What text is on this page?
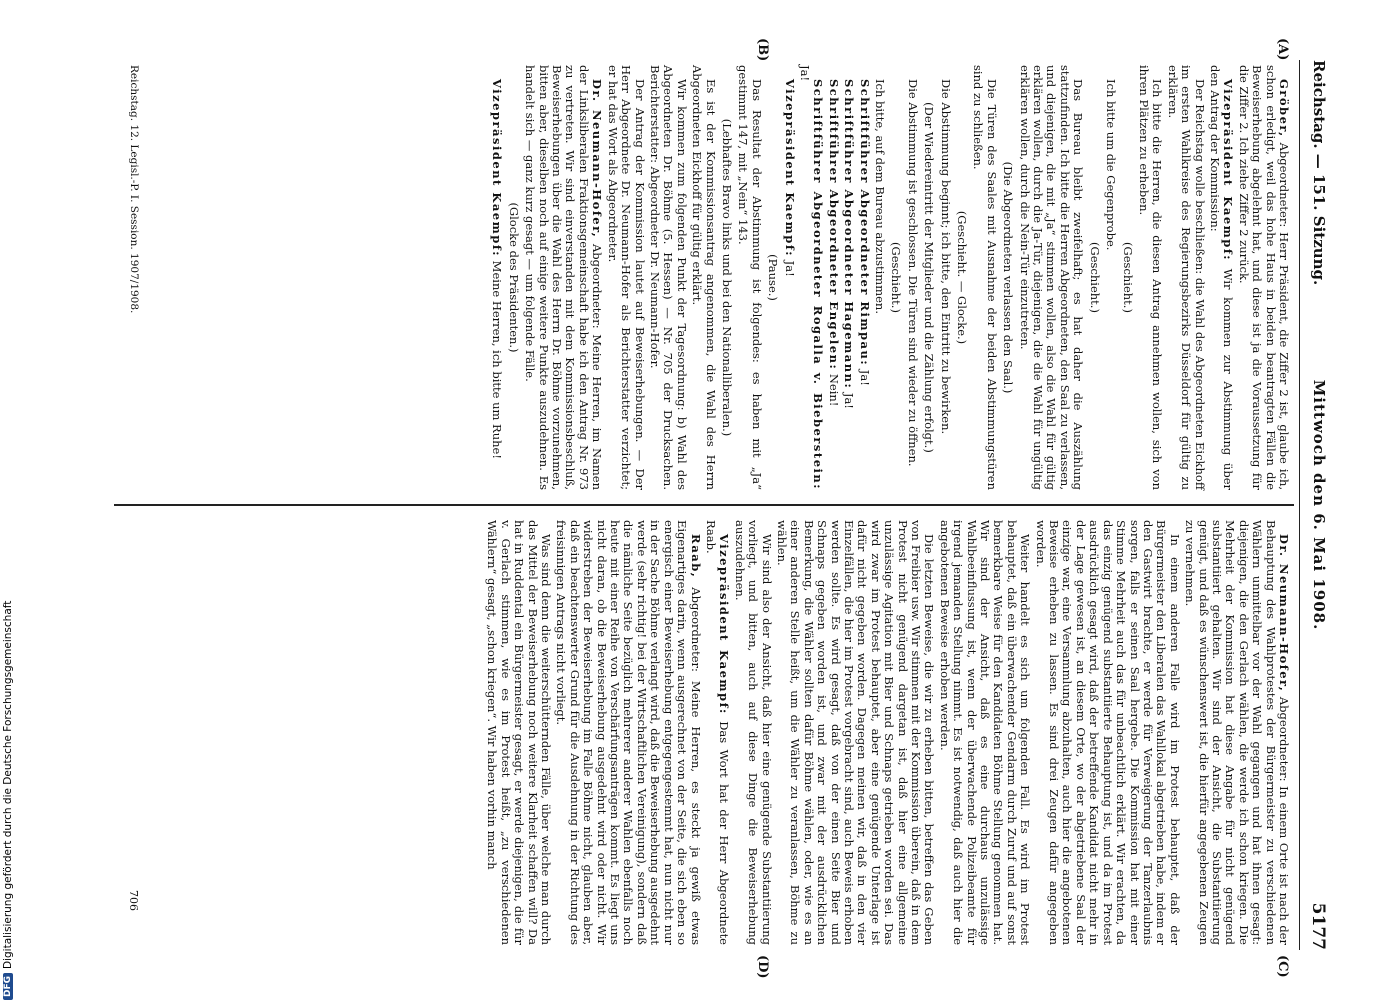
Reichstag. — 151. Sitzung.
Mittwoch den 6. Mai 1908.
5177
(A)
(B)
(C)
(D)

Gröber, Abgeordneter: Herr Präsident, die Ziffer 2 ist, glaube ich, schon erledigt, weil das hohe Haus in beiden beantragten Fällen die Beweiserhebung abgelehnt hat, und diese ist ja die Voraussetzung für die Ziffer 2. Ich ziehe Ziffer 2 zurück.

Vizepräsident Kaempf: Wir kommen zur Abstimmung über den Antrag der Kommission:

Der Reichstag wolle beschließen: die Wahl des Abgeordneten Eickhoff im ersten Wahlkreise des Regierungsbezirks Düsseldorf für gültig zu erklären.

Ich bitte die Herren, die diesen Antrag annehmen wollen, sich von ihren Plätzen zu erheben.

(Geschieht.)

Ich bitte um die Gegenprobe.

(Geschieht.)

Das Bureau bleibt zweifelhaft; es hat daher die Auszählung stattzufinden. Ich bitte die Herren Abgeordneten, den Saal zu verlassen, und diejenigen, die mit „Ja“ stimmen wollen, also die Wahl für gültig erklären wollen, durch die Ja-Tür, diejenigen, die die Wahl für ungültig erklären wollen, durch die Nein-Tür einzutreten.

(Die Abgeordneten verlassen den Saal.)

Die Türen des Saales mit Ausnahme der beiden Abstimmungstüren sind zu schließen.

(Geschieht. — Glocke.)

Die Abstimmung beginnt; ich bitte, den Eintritt zu bewirken.

(Der Wiedereintritt der Mitglieder und die Zählung erfolgt.)

Die Abstimmung ist geschlossen. Die Türen sind wieder zu öffnen.

(Geschieht.)

Ich bitte, auf dem Bureau abzustimmen.

Schriftführer Abgeordneter Rimpau: Ja!

Schriftführer Abgeordneter Hagemann: Ja!

Schriftführer Abgeordneter Engelen: Nein!

Schriftführer Abgeordneter Rogalla v. Bieberstein: Ja!

Vizepräsident Kaempf: Ja!

(Pause.)

Das Resultat der Abstimmung ist folgendes: es haben mit „Ja“ gestimmt 147, mit „Nein“ 143.

(Lebhaftes Bravo links und bei den Nationalliberalen.)

Es ist der Kommissionsantrag angenommen, die Wahl des Herrn Abgeordneten Eickhoff für gültig erklärt.

Wir kommen zum folgenden Punkt der Tagesordnung: b) Wahl des Abgeordneten Dr. Böhme (5. Hessen) — Nr. 705 der Drucksachen. Berichterstatter: Abgeordneter Dr. Neumann-Hofer.

Der Antrag der Kommission lautet auf Beweiserhebungen. — Der Herr Abgeordnete Dr. Neumann-Hofer als Berichterstatter verzichtet; er hat das Wort als Abgeordneter.

Dr. Neumann-Hofer, Abgeordneter: Meine Herren, im Namen der Linksliberalen Fraktionsgemeinschaft habe ich den Antrag Nr. 973 zu vertreten. Wir sind einverstanden mit dem Kommissionsbeschluß, Beweiserhebungen über die Wahl des Herrn Dr. Böhme vorzunehmen, bitten aber, dieselben noch auf einige weitere Punkte auszudehnen. Es handelt sich — ganz kurz gesagt — um folgende Fälle.

(Glocke des Präsidenten.)

Vizepräsident Kaempf: Meine Herren, ich bitte um Ruhe!

Dr. Neumann-Hofer, Abgeordneter: In einem Orte ist nach der Behauptung des Wahlprotestes der Bürgermeister zu verschiedenen Wählern unmittelbar vor der Wahl gegangen und hat ihnen gesagt: diejenigen, die den Gerlach wählen, die werde ich schon kriegen. Die Mehrheit der Kommission hat diese Angabe für nicht genügend substantiiert gehalten. Wir sind der Ansicht, die Substantiierung genügt, und daß es wünschenswert ist, die hierfür angegebenen Zeugen zu vernehmen.

In einem anderen Falle wird im Protest behauptet, daß der Bürgermeister den Liberalen das Wahllokal abgetrieben habe, indem er den Gastwirt brachte, er werde für Verweigerung der Tanzerlaubnis sorgen, falls er seinen Saal hergebe. Die Kommission hat mit einer Stimme Mehrheit auch das für unbeachtlich erklärt. Wir erachten, da das einzig genügend substantiierte Behauptung ist, und da im Protest ausdrücklich gesagt wird, daß der betreffende Kandidat nicht mehr in der Lage gewesen ist, an diesem Orte, wo der abgetriebene Saal der einzige war, eine Versammlung abzuhalten, auch hier die angebotenen Beweise erheben zu lassen. Es sind drei Zeugen dafür angegeben worden.

Weiter handelt es sich um folgenden Fall. Es wird im Protest behauptet, daß ein überwachender Gendarm durch Zuruf und auf sonst bemerkbare Weise für den Kandidaten Böhme Stellung genommen hat. Wir sind der Ansicht, daß es eine durchaus unzulässige Wahlbeeinflussung ist, wenn der überwachende Polizeibeamte für irgend jemanden Stellung nimmt. Es ist notwendig, daß auch hier die angebotenen Beweise erhoben werden.

Die letzten Beweise, die wir zu erheben bitten, betreffen das Geben von Freibier usw. Wir stimmen mit der Kommission überein, daß in dem Protest nicht genügend dargetan ist, daß hier eine allgemeine unzulässige Agitation mit Bier und Schnaps getrieben worden sei. Das wird zwar im Protest behauptet, aber eine genügende Unterlage ist dafür nicht gegeben worden. Dagegen meinen wir, daß in den vier Einzelfällen, die hier im Protest vorgebracht sind, auch Beweis erhoben werden sollte. Es wird gesagt, daß von der einen Seite Bier und Schnaps gegeben worden ist, und zwar mit der ausdrücklichen Bemerkung, die Wähler sollten dafür Böhme wählen, oder, wie es an einer anderen Stelle heißt, um die Wähler zu veranlassen, Böhme zu wählen.

Wir sind also der Ansicht, daß hier eine genügende Substantiierung vorliegt, und bitten, auch auf diese Dinge die Beweiserhebung auszudehnen.

Vizepräsident Kaempf: Das Wort hat der Herr Abgeordnete Raab.

Raab, Abgeordneter: Meine Herren, es steckt ja gewiß etwas Eigenartiges darin, wenn ausgerechnet von der Seite, die sich eben so energisch einer Beweiserhebung entgegengestemmt hat, nun nicht nur in der Sache Böhme verlangt wird, daß die Beweiserhebung ausgedehnt werde (sehr richtig! bei der Wirtschaftlichen Vereinigung), sondern daß die nämliche Seite bezüglich mehrerer anderer Wahlen ebenfalls noch heute mit einer Reihe von Verschärfungsanträgen kommt. Es liegt uns nicht daran, ob die Beweiserhebung ausgedehnt wird oder nicht. Wir widerstreben der Beweiserhebung im Falle Böhme nicht, glauben aber, daß ein beachtenswerter Grund für die Ausdehnung in der Richtung des freisinnigen Antrags nicht vorliegt.

Was sind denn die weiterschütternden Fälle, über welche man durch das Mittel der Beweiserhebung noch weitere Klarheit schaffen will? Da hat in Ruddental ein Bürgermeister gesagt, er werde diejenigen, die für v. Gerlach stimmen, wie es im Protest heißt, „zu verschiedenen Wählern“ gesagt, „schon kriegen“. Wir haben vorhin manch

Reichstag. 12. Legisl.-P. I. Session. 1907/1908.
706
DFG
Digitalisierung gefördert durch die Deutsche Forschungsgemeinschaft
